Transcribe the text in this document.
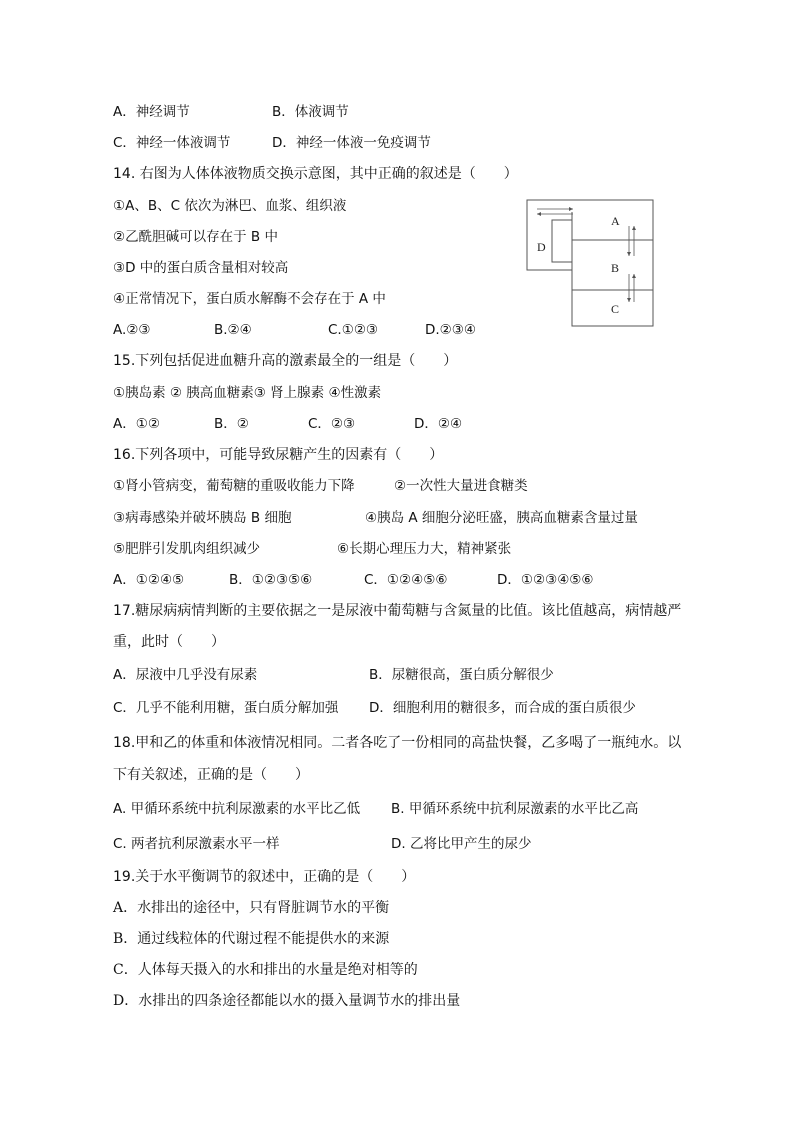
A．神经调节	B．体液调节
C．神经一体液调节	D．神经一体液一免疫调节
14. 右图为人体体液物质交换示意图，其中正确的叙述是（　　）
①A、B、C 依次为淋巴、血浆、组织液
②乙酰胆碱可以存在于 B 中
③D 中的蛋白质含量相对较高
④正常情况下，蛋白质水解酶不会存在于 A 中
A.②③	B.②④	C.①②③	D.②③④
A
B
C
D
15.下列包括促进血糖升高的激素最全的一组是（　　）
①胰岛素 ② 胰高血糖素③ 肾上腺素 ④性激素
A．①②	B．②	C．②③	D．②④
16.下列各项中，可能导致尿糖产生的因素有（　　）
①肾小管病变，葡萄糖的重吸收能力下降	②一次性大量进食糖类
③病毒感染并破坏胰岛 B 细胞	④胰岛 A 细胞分泌旺盛，胰高血糖素含量过量
⑤肥胖引发肌肉组织减少	⑥长期心理压力大，精神紧张
A．①②④⑤	B．①②③⑤⑥	C．①②④⑤⑥	D．①②③④⑤⑥
17.糖尿病病情判断的主要依据之一是尿液中葡萄糖与含氮量的比值。该比值越高，病情越严
重，此时（　　）
A．尿液中几乎没有尿素	B．尿糖很高，蛋白质分解很少
C．几乎不能利用糖，蛋白质分解加强 D．细胞利用的糖很多，而合成的蛋白质很少
18.甲和乙的体重和体液情况相同。二者各吃了一份相同的高盐快餐，乙多喝了一瓶纯水。以
下有关叙述，正确的是（　　）
A. 甲循环系统中抗利尿激素的水平比乙低 B. 甲循环系统中抗利尿激素的水平比乙高
C. 两者抗利尿激素水平一样	D. 乙将比甲产生的尿少
19.关于水平衡调节的叙述中，正确的是（　　）
A．水排出的途径中，只有肾脏调节水的平衡
B．通过线粒体的代谢过程不能提供水的来源
C．人体每天摄入的水和排出的水量是绝对相等的
D．水排出的四条途径都能以水的摄入量调节水的排出量
